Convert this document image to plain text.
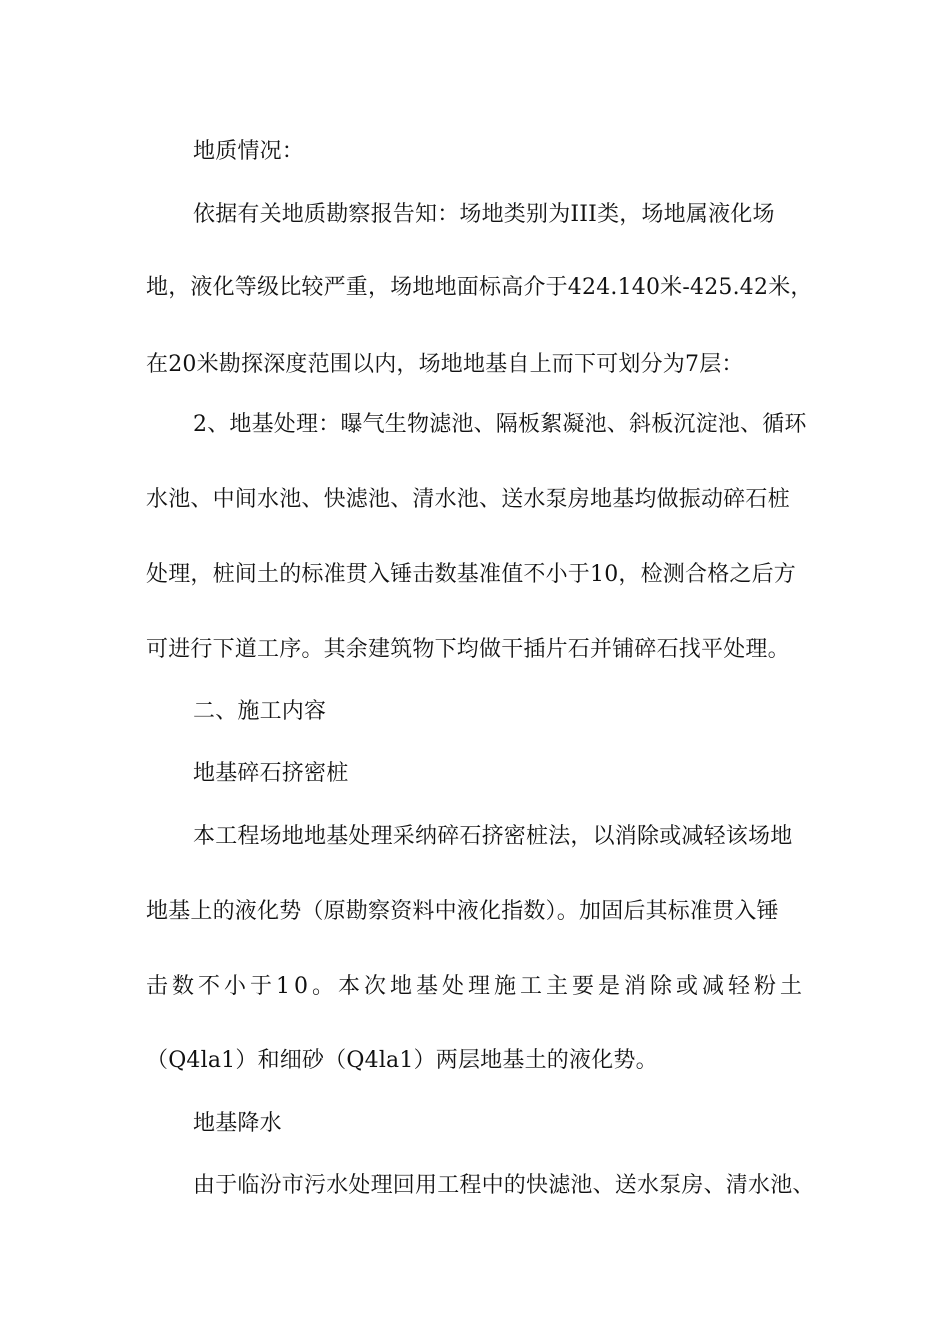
地质情况：
依据有关地质勘察报告知：场地类别为III类，场地属液化场
地，液化等级比较严重，场地地面标高介于424.140米-425.42米，
在20米勘探深度范围以内，场地地基自上而下可划分为7层：
2、地基处理：曝气生物滤池、隔板絮凝池、斜板沉淀池、循环
水池、中间水池、快滤池、清水池、送水泵房地基均做振动碎石桩
处理，桩间土的标准贯入锤击数基准值不小于10，检测合格之后方
可进行下道工序。其余建筑物下均做干插片石并铺碎石找平处理。
二、施工内容
地基碎石挤密桩
本工程场地地基处理采纳碎石挤密桩法，以消除或减轻该场地
地基上的液化势（原勘察资料中液化指数）。加固后其标准贯入锤
击数不小于10。本次地基处理施工主要是消除或减轻粉土
（Q4la1）和细砂（Q4la1）两层地基土的液化势。
地基降水
由于临汾市污水处理回用工程中的快滤池、送水泵房、清水池、
